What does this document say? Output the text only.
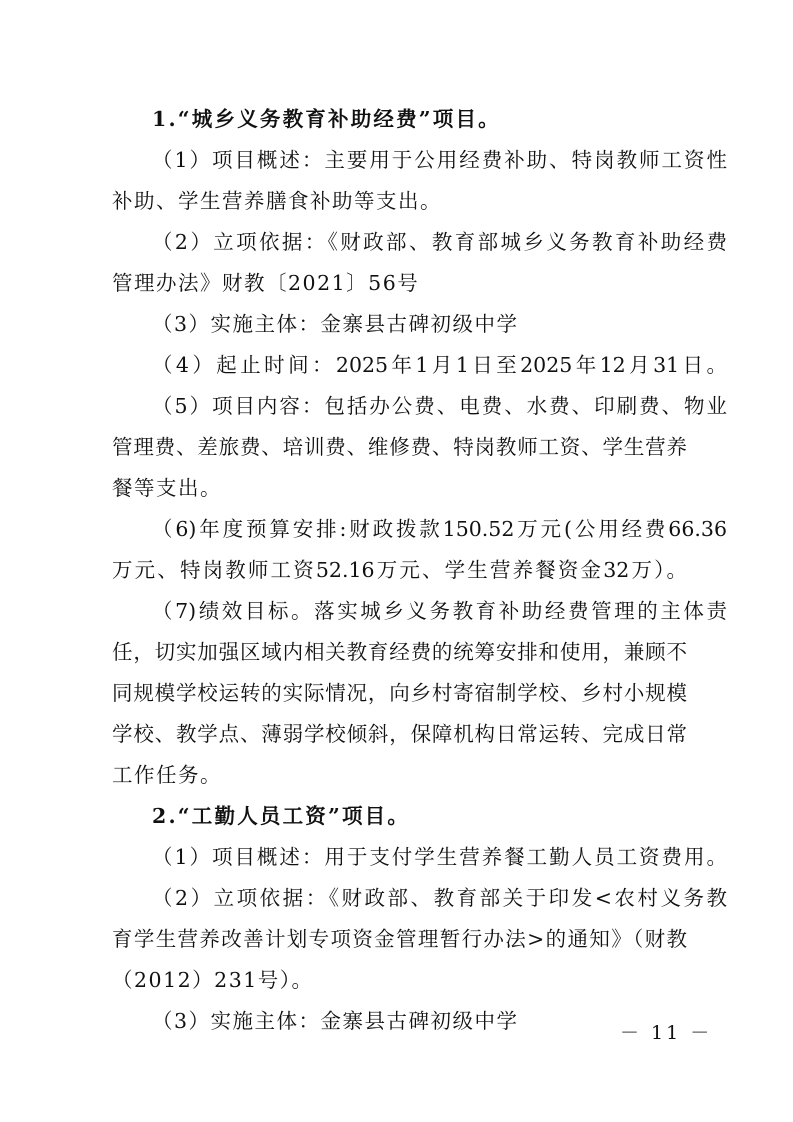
1.“城乡义务教育补助经费”项目。
（1）项目概述：主要用于公用经费补助、特岗教师工资性
补助、学生营养膳食补助等支出。
（2）立项依据：《财政部、教育部城乡义务教育补助经费
管理办法》财教〔2021〕56号
（3）实施主体：金寨县古碑初级中学
（4）起止时间：2025年1月1日至2025年12月31日。
（5）项目内容：包括办公费、电费、水费、印刷费、物业
管理费、差旅费、培训费、维修费、特岗教师工资、学生营养
餐等支出。
（6)年度预算安排:财政拨款150.52万元(公用经费66.36
万元、特岗教师工资52.16万元、学生营养餐资金32万）。
（7)绩效目标。落实城乡义务教育补助经费管理的主体责
任，切实加强区域内相关教育经费的统筹安排和使用，兼顾不
同规模学校运转的实际情况，向乡村寄宿制学校、乡村小规模
学校、教学点、薄弱学校倾斜，保障机构日常运转、完成日常
工作任务。
2.“工勤人员工资”项目。
（1）项目概述：用于支付学生营养餐工勤人员工资费用。
（2）立项依据：《财政部、教育部关于印发<农村义务教
育学生营养改善计划专项资金管理暂行办法>的通知》（财教
（2012）231号）。
（3）实施主体：金寨县古碑初级中学	－ 11 －
